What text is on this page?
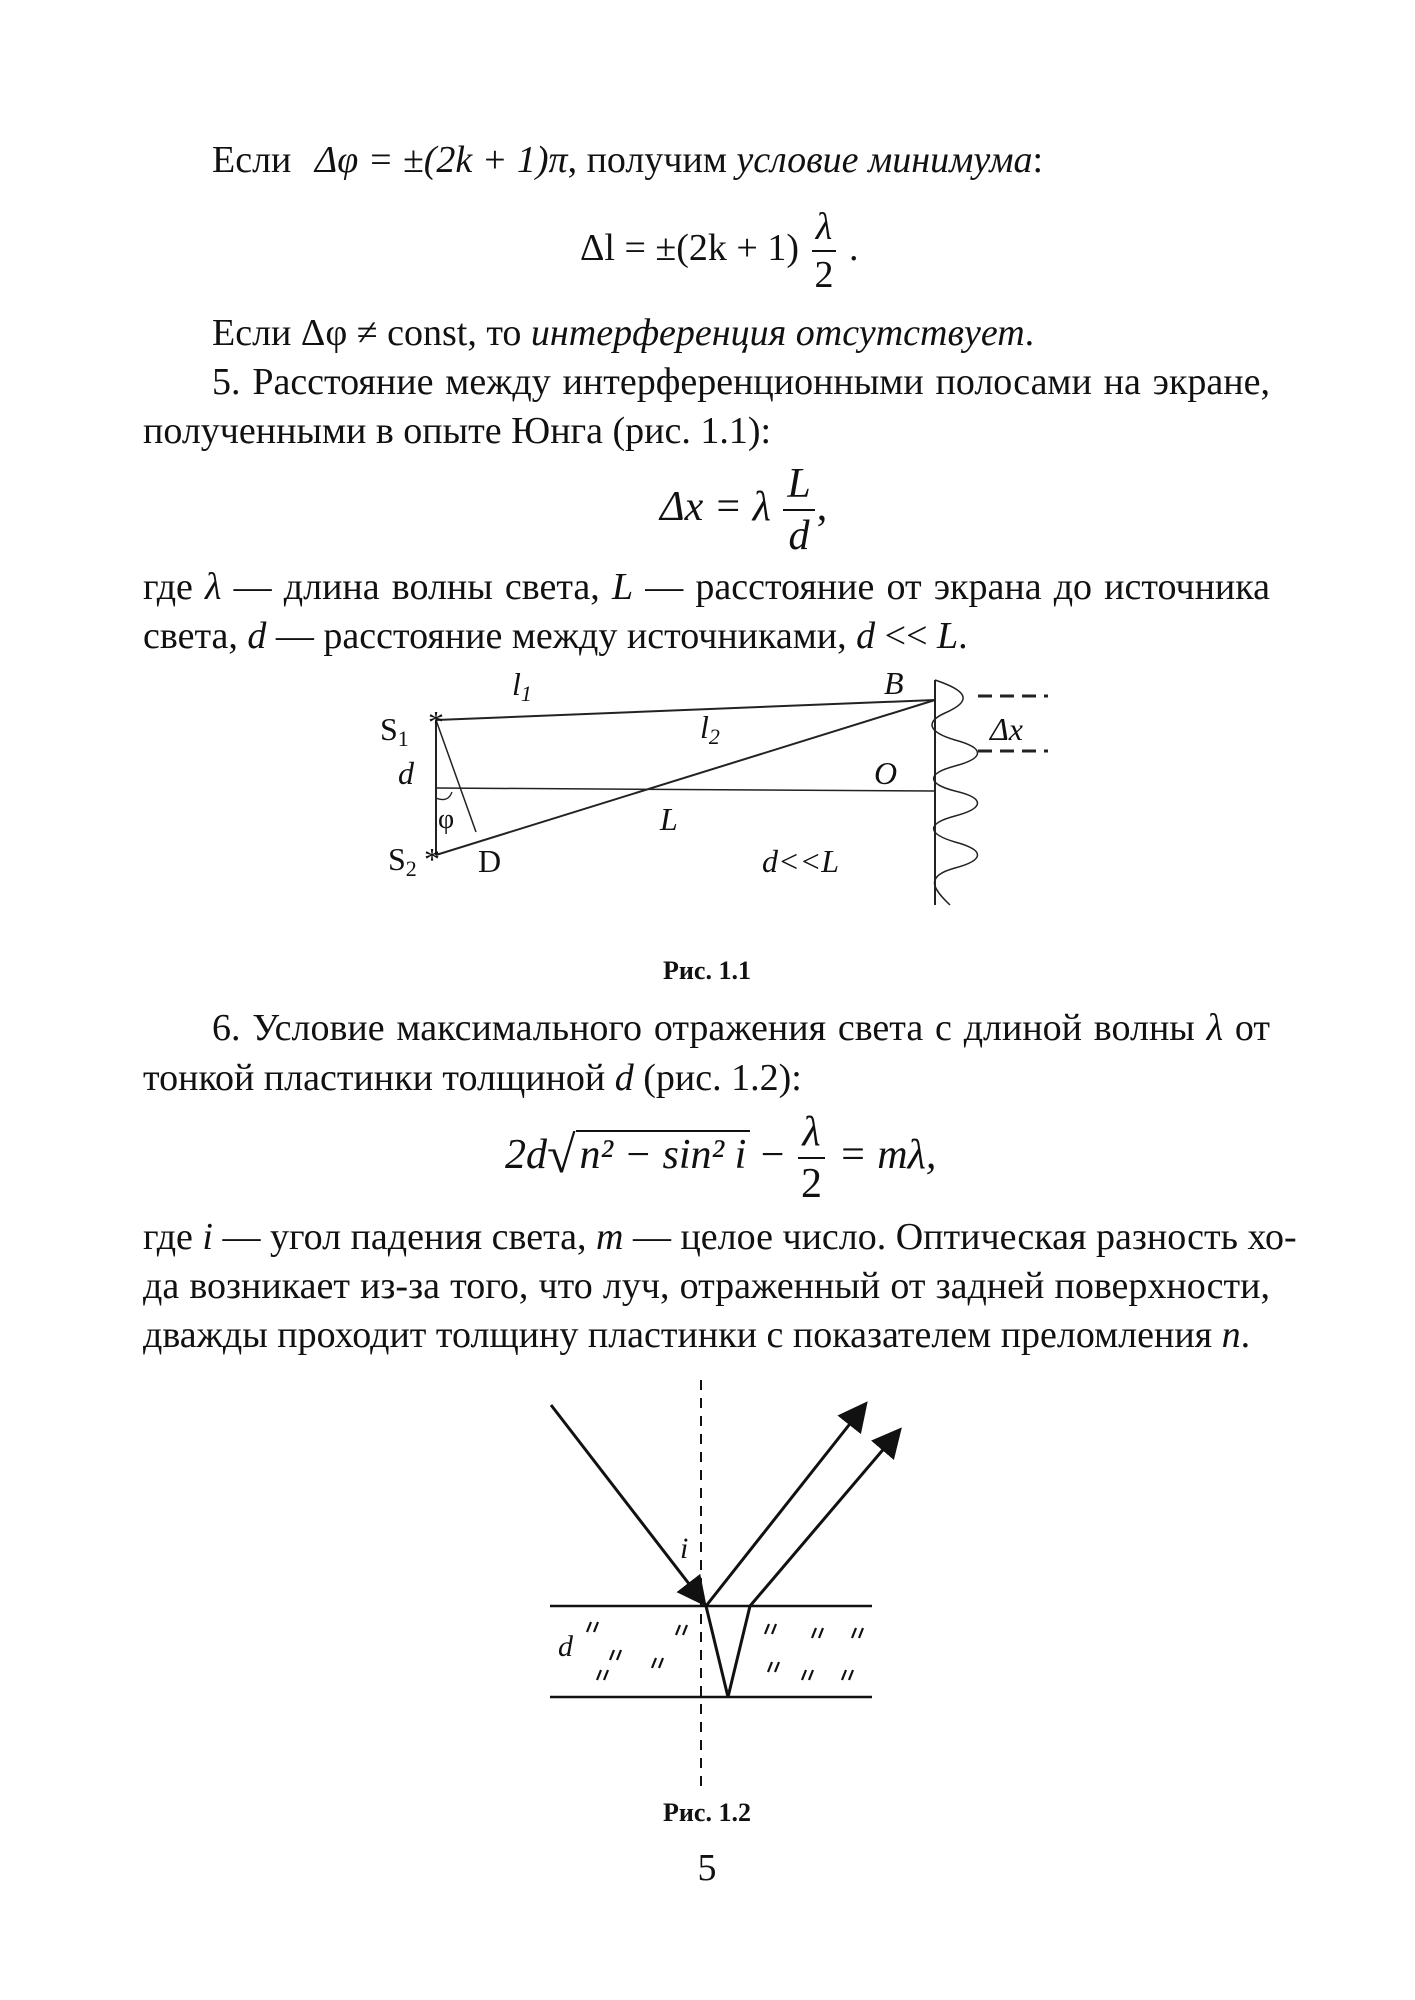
Если Δφ = ±(2k + 1)π, получим условие минимума:
$\Delta l = \pm(2k + 1) \frac{\lambda}{2}$ .
Если Δφ ≠ const, то интерференция отсутствует.
5. Расстояние между интерференционными полосами на экране,
полученными в опыте Юнга (рис. 1.1):
Δx = λ $\frac{L}{d}$ ,
где λ — длина волны света, L — расстояние от экрана до источника
света, d — расстояние между источниками, d << L.
l1	B
l2	Δx
S1 *
d	O
φ	L
S2 * D	d<<L
Рис. 1.1
6. Условие максимального отражения света с длиной волны λ от
тонкой пластинки толщиной d (рис. 1.2):
2d√n² − sin² $i - \frac{\lambda}{2} = m\lambda$,
где i — угол падения света, m — целое число. Оптическая разность хо-
да возникает из-за того, что луч, отраженный от задней поверхности,
дважды проходит толщину пластинки с показателем преломления n.
i
d
Рис. 1.2
5
